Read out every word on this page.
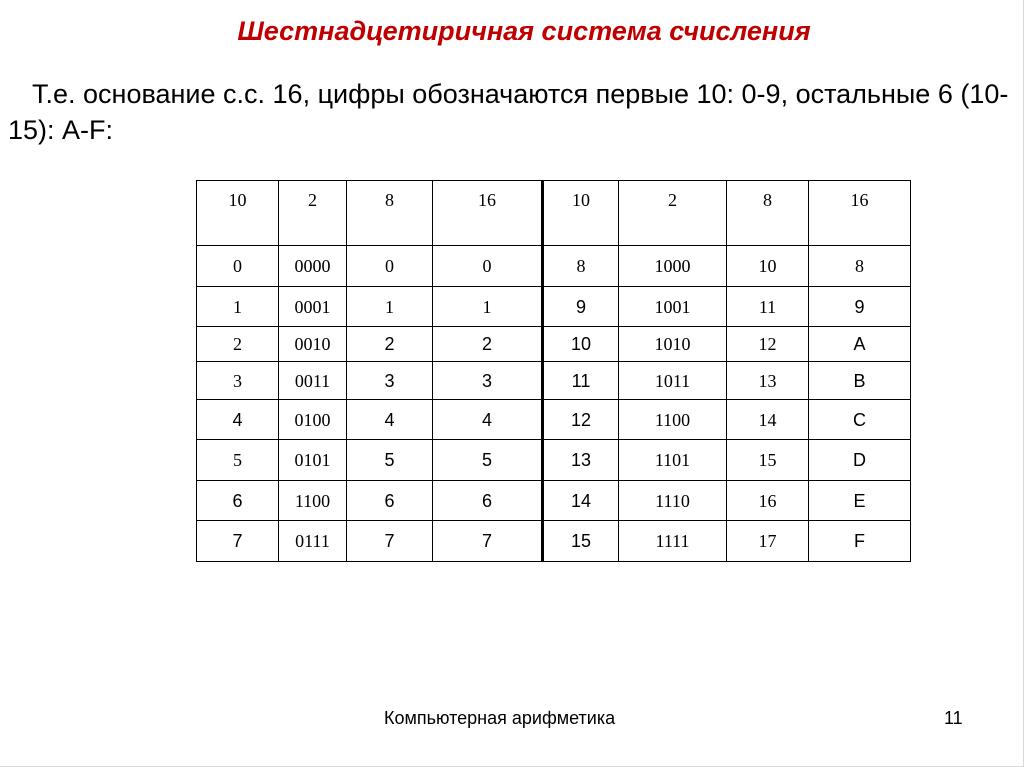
Шестнадцетиричная система счисления
Т.е. основание с.с. 16, цифры обозначаются первые 10: 0-9, остальные 6 (10-15): A-F:
10	2	8	16	10	2	8	16
0	0000	0	0	8	1000	10	8
1	0001	1	1	9	1001	11	9
2	0010	2	2	10	1010	12	A
3	0011	3	3	11	1011	13	B
4	0100	4	4	12	1100	14	C
5	0101	5	5	13	1101	15	D
6	1100	6	6	14	1110	16	E
7	0111	7	7	15	1111	17	F
Компьютерная арифметика	11
